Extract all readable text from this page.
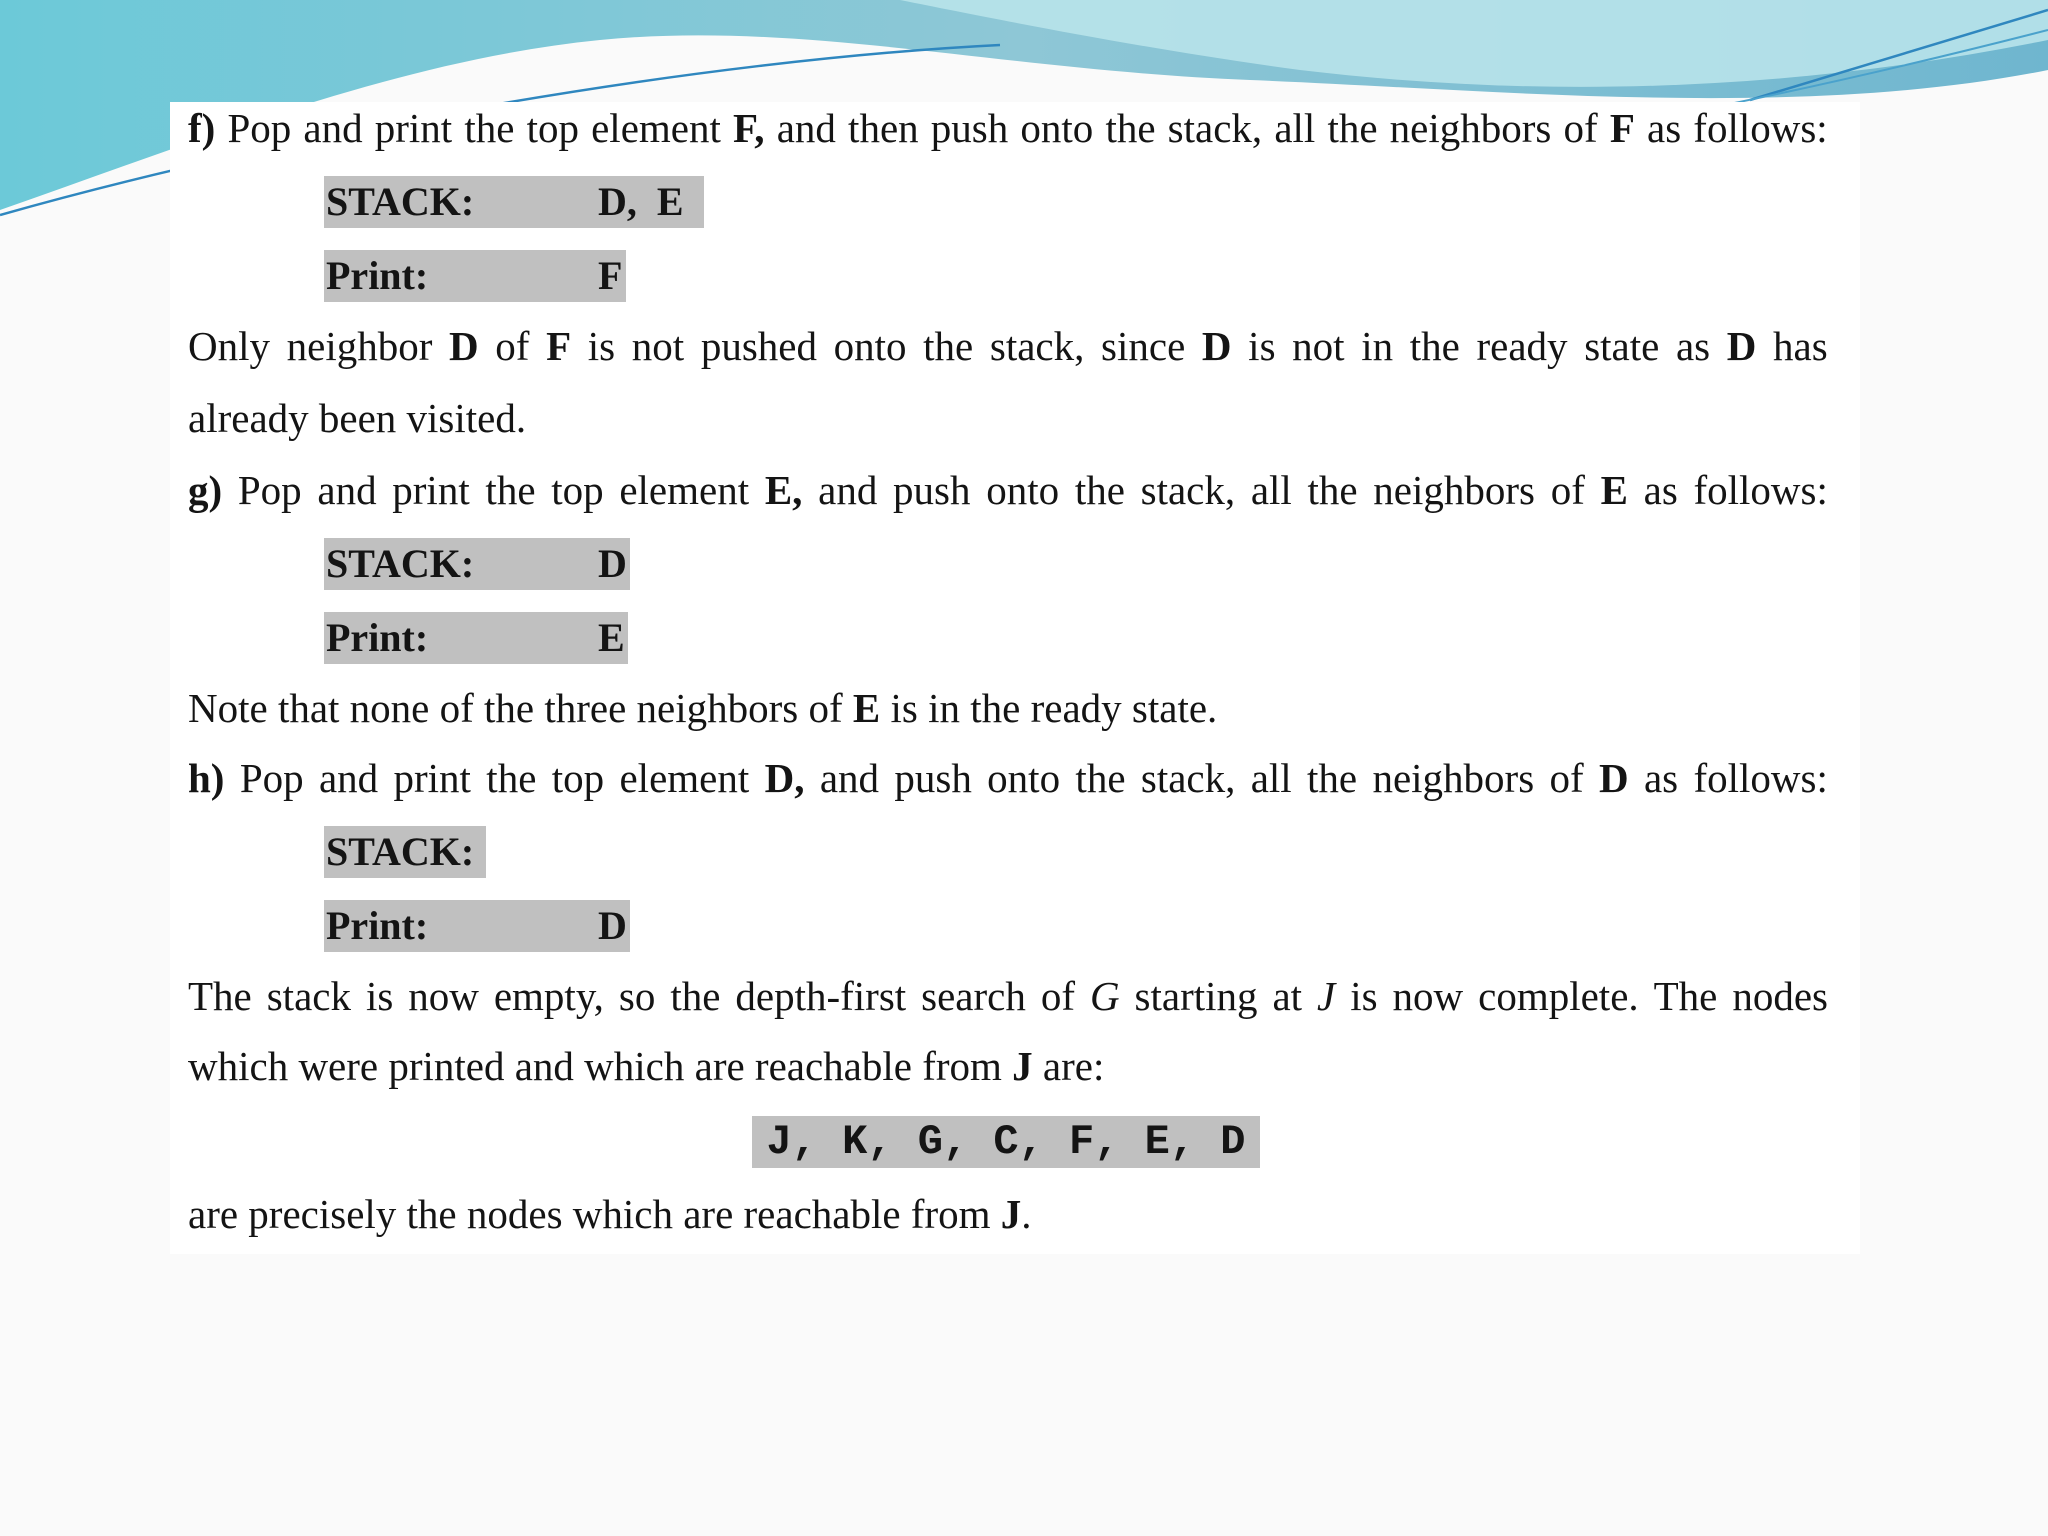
f) Pop and print the top element F, and then push onto the stack, all the neighbors of F as follows:
STACK:	D,  E
Print:	F
Only neighbor D of F is not pushed onto the stack, since D is not in the ready state as D has
already been visited.
g) Pop and print the top element E, and push onto the stack, all the neighbors of E as follows:
STACK:	D
Print:	E
Note that none of the three neighbors of E is in the ready state.
h) Pop and print the top element D, and push onto the stack, all the neighbors of D as follows:
STACK:
Print:	D
The stack is now empty, so the depth-first search of G starting at J is now complete. The nodes
which were printed and which are reachable from J are:
J, K, G, C, F, E, D
are precisely the nodes which are reachable from J.
